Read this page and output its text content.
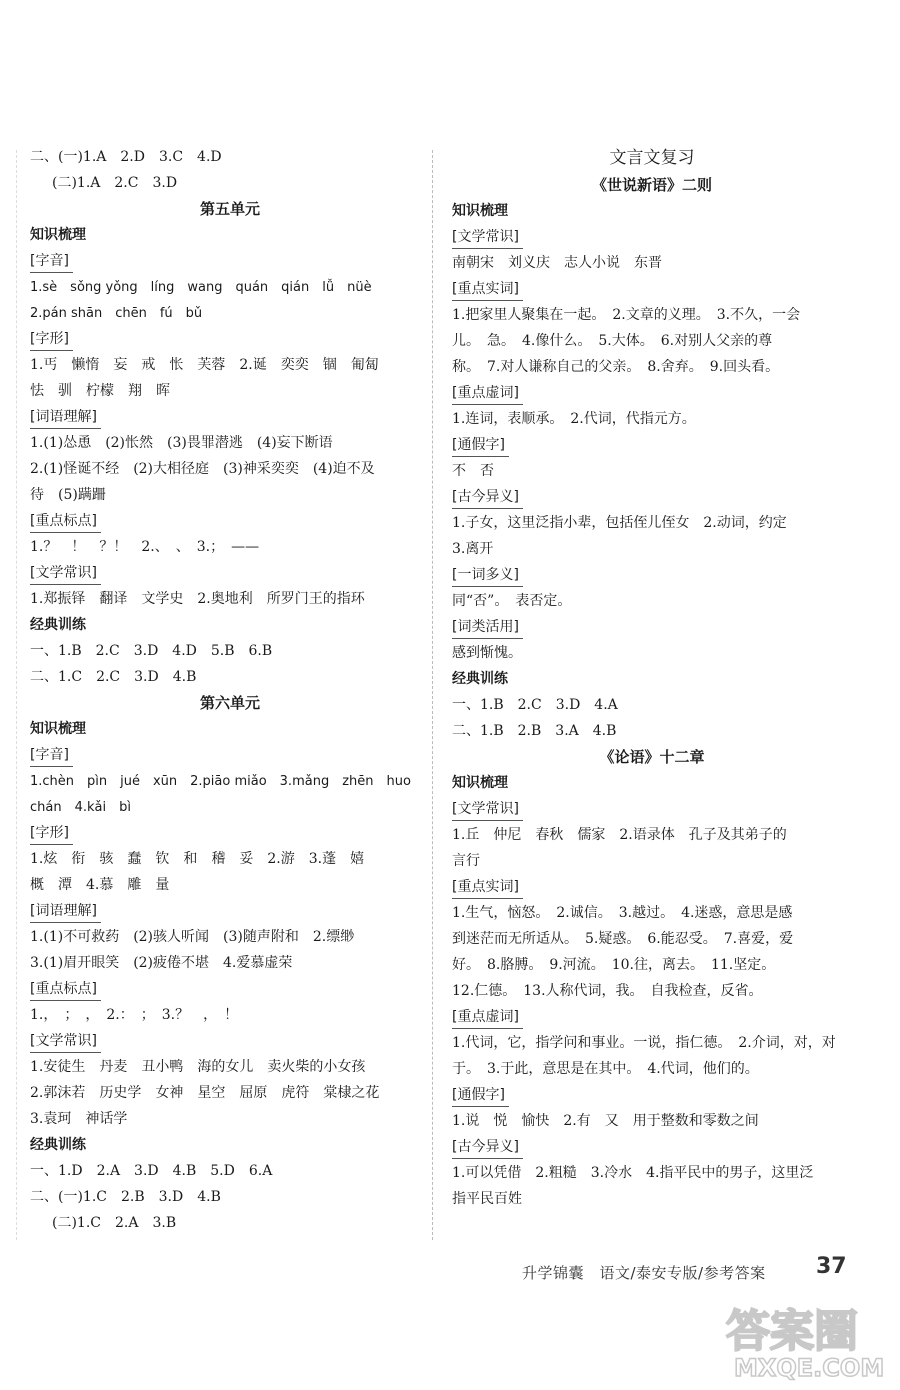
二、(一)1.A　2.D　3.C　4.D
(二)1.A　2.C　3.D
第五单元
知识梳理
[字音]
1.sè　sǒng yǒng　líng　wang　quán　qián　lǚ　nüè
2.pán shān　chēn　fú　bǔ
[字形]
1.丐　懒惰　妄　戒　怅　芙蓉　2.诞　奕奕　锢　匍匐
怯　驯　柠檬　翔　晖
[词语理解]
1.(1)怂恿　(2)怅然　(3)畏罪潜逃　(4)妄下断语
2.(1)怪诞不经　(2)大相径庭　(3)神采奕奕　(4)迫不及
待　(5)蹒跚
[重点标点]
1.？　！　？！　2.、　、　3.；　——
[文学常识]
1.郑振铎　翻译　文学史　2.奥地利　所罗门王的指环
经典训练
一、1.B　2.C　3.D　4.D　5.B　6.B
二、1.C　2.C　3.D　4.B
第六单元
知识梳理
[字音]
1.chèn　pìn　jué　xūn　2.piāo miǎo　3.mǎng　zhēn　huo
chán　4.kǎi　bì
[字形]
1.炫　衔　骇　蠢　钦　和　稽　妥　2.游　3.蓬　嬉
概　潭　4.慕　雕　量
[词语理解]
1.(1)不可救药　(2)骇人听闻　(3)随声附和　2.缥缈
3.(1)眉开眼笑　(2)疲倦不堪　4.爱慕虚荣
[重点标点]
1.，　；　，　2.：　；　3.？　，　！
[文学常识]
1.安徒生　丹麦　丑小鸭　海的女儿　卖火柴的小女孩
2.郭沫若　历史学　女神　星空　屈原　虎符　棠棣之花
3.袁珂　神话学
经典训练
一、1.D　2.A　3.D　4.B　5.D　6.A
二、(一)1.C　2.B　3.D　4.B
(二)1.C　2.A　3.B
文言文复习
《世说新语》二则
知识梳理
[文学常识]
南朝宋　刘义庆　志人小说　东晋
[重点实词]
1.把家里人聚集在一起。　2.文章的义理。　3.不久，一会
儿。　急。　4.像什么。　5.大体。　6.对别人父亲的尊
称。　7.对人谦称自己的父亲。　8.舍弃。　9.回头看。
[重点虚词]
1.连词，表顺承。　2.代词，代指元方。
[通假字]
不　否
[古今异义]
1.子女，这里泛指小辈，包括侄儿侄女　2.动词，约定
3.离开
[一词多义]
同“否”。　表否定。
[词类活用]
感到惭愧。
经典训练
一、1.B　2.C　3.D　4.A
二、1.B　2.B　3.A　4.B
《论语》十二章
知识梳理
[文学常识]
1.丘　仲尼　春秋　儒家　2.语录体　孔子及其弟子的
言行
[重点实词]
1.生气，恼怒。　2.诚信。　3.越过。　4.迷惑，意思是感
到迷茫而无所适从。　5.疑惑。　6.能忍受。　7.喜爱，爱
好。　8.胳膊。　9.河流。　10.往，离去。　11.坚定。
12.仁德。　13.人称代词，我。　自我检查，反省。
[重点虚词]
1.代词，它，指学问和事业。一说，指仁德。　2.介词，对，对
于。　3.于此，意思是在其中。　4.代词，他们的。
[通假字]
1.说　悦　愉快　2.有　又　用于整数和零数之间
[古今异义]
1.可以凭借　2.粗糙　3.冷水　4.指平民中的男子，这里泛
指平民百姓
升学锦囊　语文/泰安专版/参考答案 37
答案圈
MXQE.COM
